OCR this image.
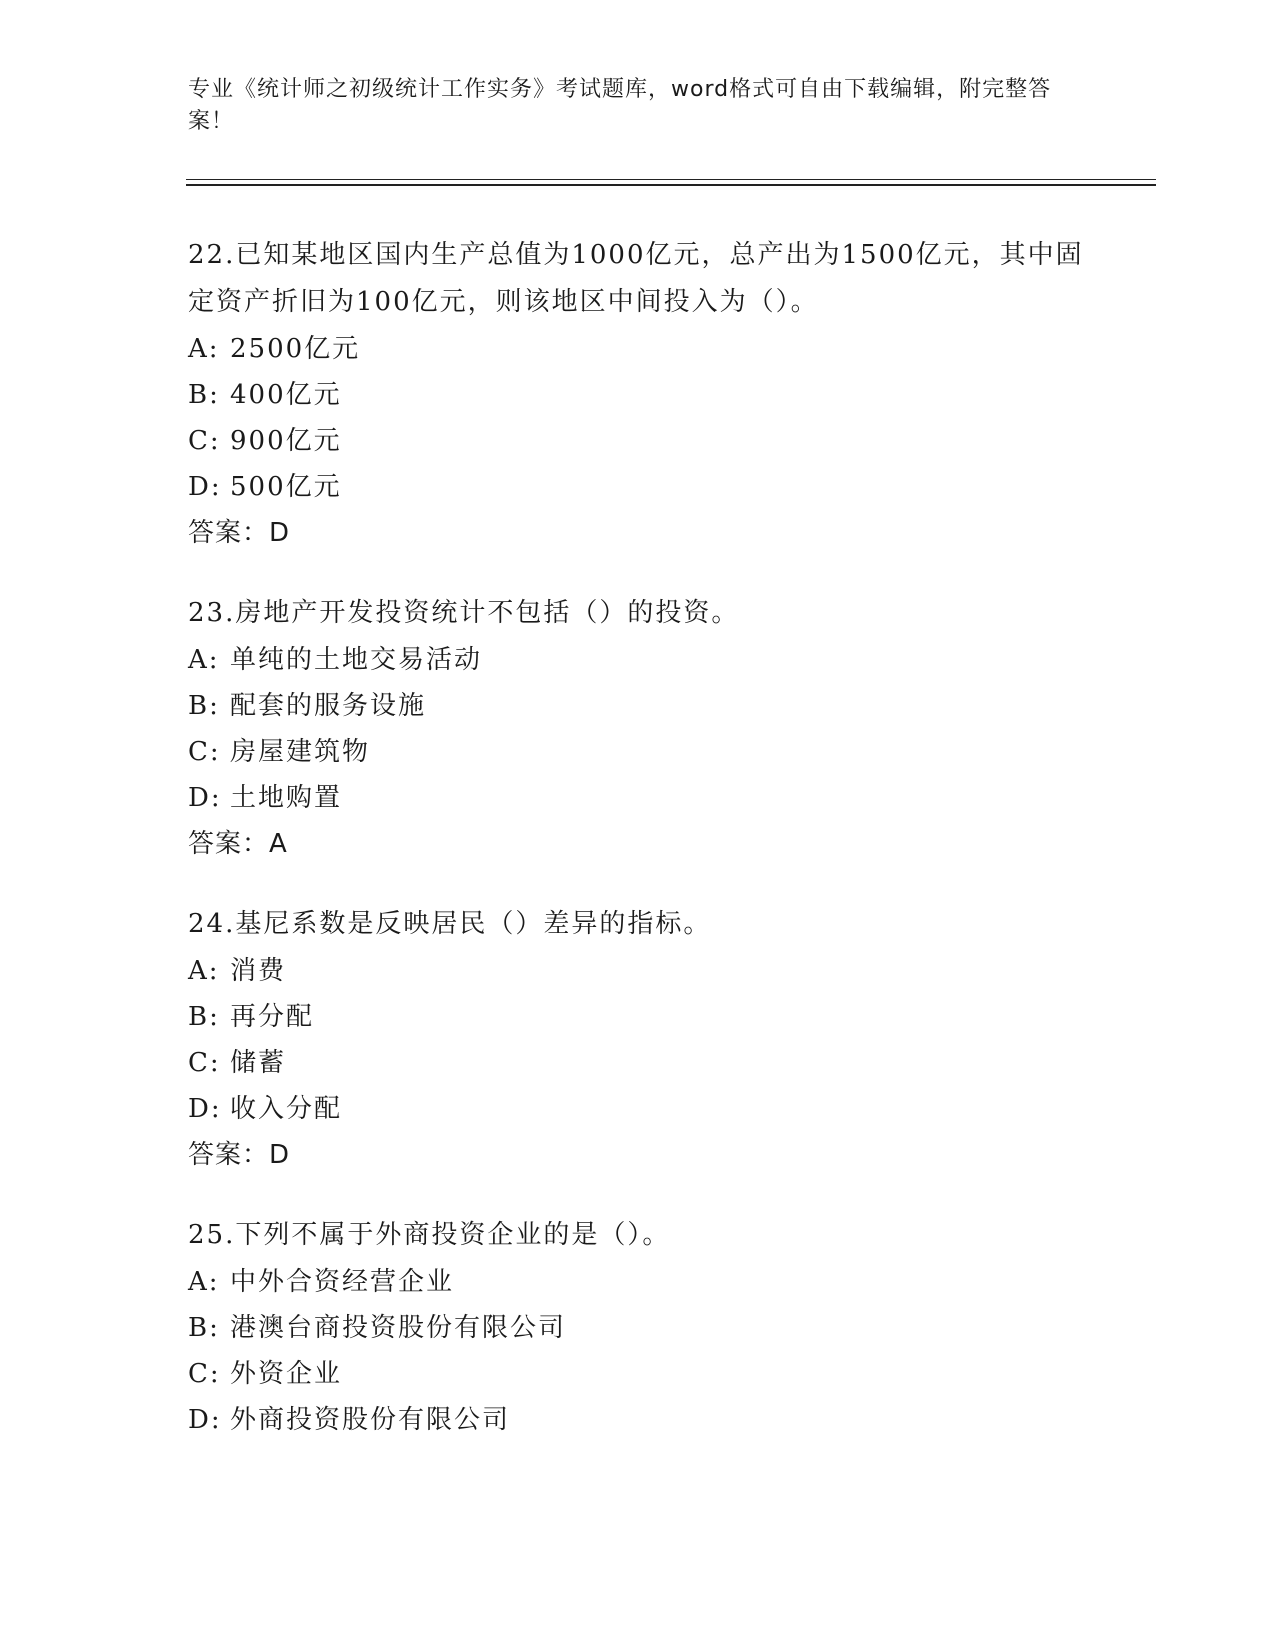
专业《统计师之初级统计工作实务》考试题库，word格式可自由下载编辑，附完整答案！

22.已知某地区国内生产总值为1000亿元，总产出为1500亿元，其中固定资产折旧为100亿元，则该地区中间投入为（）。

A: 2500亿元

B: 400亿元

C: 900亿元

D: 500亿元

答案：D

23.房地产开发投资统计不包括（）的投资。

A: 单纯的土地交易活动

B: 配套的服务设施

C: 房屋建筑物

D: 土地购置

答案：A

24.基尼系数是反映居民（）差异的指标。

A: 消费

B: 再分配

C: 储蓄

D: 收入分配

答案：D

25.下列不属于外商投资企业的是（）。

A: 中外合资经营企业

B: 港澳台商投资股份有限公司

C: 外资企业

D: 外商投资股份有限公司
